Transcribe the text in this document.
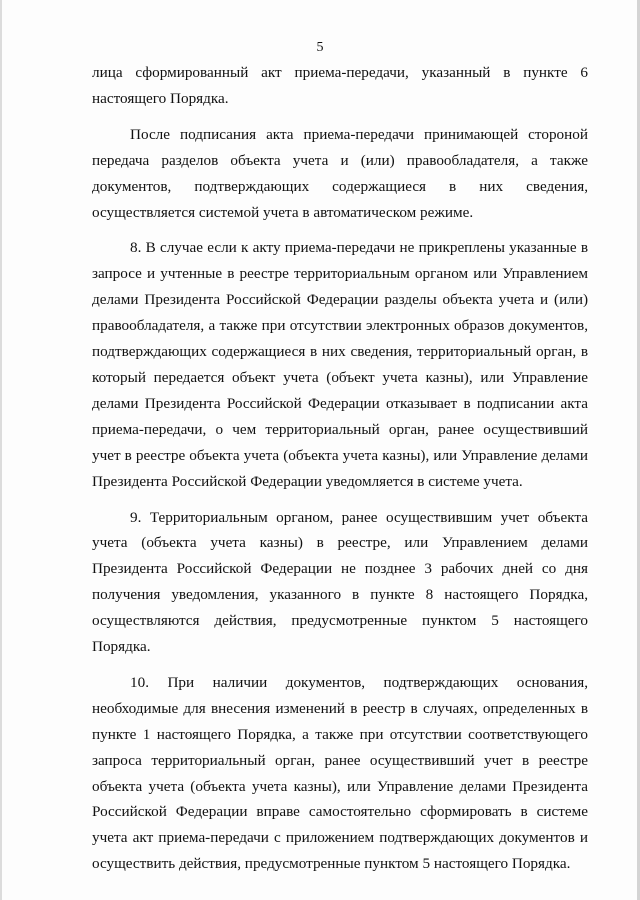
5

лица сформированный акт приема-передачи, указанный в пункте 6 настоящего Порядка.

После подписания акта приема-передачи принимающей стороной передача разделов объекта учета и (или) правообладателя, а также документов, подтверждающих содержащиеся в них сведения, осуществляется системой учета в автоматическом режиме.

8. В случае если к акту приема-передачи не прикреплены указанные в запросе и учтенные в реестре территориальным органом или Управлением делами Президента Российской Федерации разделы объекта учета и (или) правообладателя, а также при отсутствии электронных образов документов, подтверждающих содержащиеся в них сведения, территориальный орган, в который передается объект учета (объект учета казны), или Управление делами Президента Российской Федерации отказывает в подписании акта приема-передачи, о чем территориальный орган, ранее осуществивший учет в реестре объекта учета (объекта учета казны), или Управление делами Президента Российской Федерации уведомляется в системе учета.

9. Территориальным органом, ранее осуществившим учет объекта учета (объекта учета казны) в реестре, или Управлением делами Президента Российской Федерации не позднее 3 рабочих дней со дня получения уведомления, указанного в пункте 8 настоящего Порядка, осуществляются действия, предусмотренные пунктом 5 настоящего Порядка.

10. При наличии документов, подтверждающих основания, необходимые для внесения изменений в реестр в случаях, определенных в пункте 1 настоящего Порядка, а также при отсутствии соответствующего запроса территориальный орган, ранее осуществивший учет в реестре объекта учета (объекта учета казны), или Управление делами Президента Российской Федерации вправе самостоятельно сформировать в системе учета акт приема-передачи с приложением подтверждающих документов и осуществить действия, предусмотренные пунктом 5 настоящего Порядка.
